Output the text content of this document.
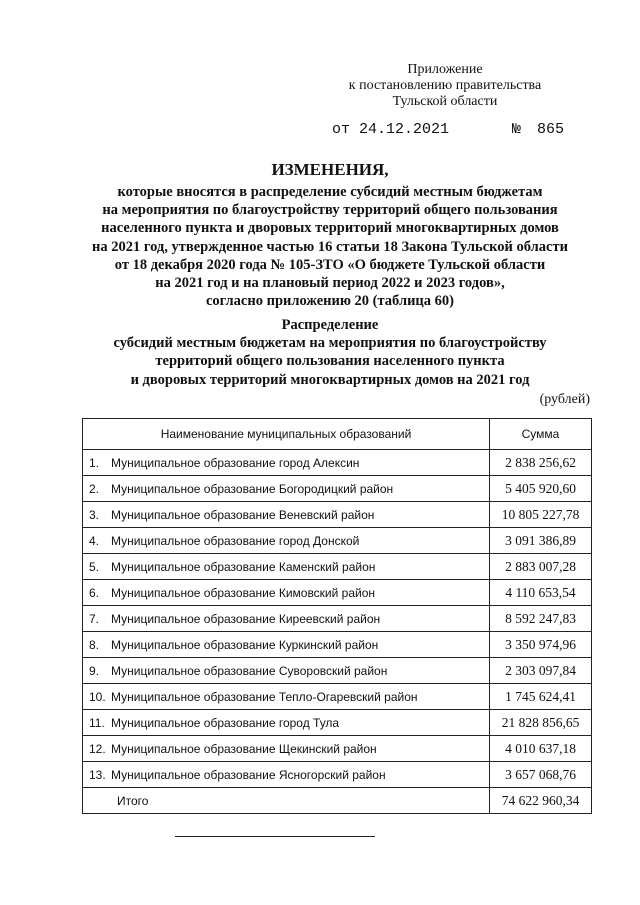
Приложение
к постановлению правительства
Тульской области
от 24.12.2021	№ 865
ИЗМЕНЕНИЯ,
которые вносятся в распределение субсидий местным бюджетам
на мероприятия по благоустройству территорий общего пользования
населенного пункта и дворовых территорий многоквартирных домов
на 2021 год, утвержденное частью 16 статьи 18 Закона Тульской области
от 18 декабря 2020 года № 105-ЗТО «О бюджете Тульской области
на 2021 год и на плановый период 2022 и 2023 годов»,
согласно приложению 20 (таблица 60)
Распределение
субсидий местным бюджетам на мероприятия по благоустройству
территорий общего пользования населенного пункта
и дворовых территорий многоквартирных домов на 2021 год
(рублей)
Наименование муниципальных образований	Сумма
1. Муниципальное образование город Алексин	2 838 256,62
2. Муниципальное образование Богородицкий район	5 405 920,60
3. Муниципальное образование Веневский район	10 805 227,78
4. Муниципальное образование город Донской	3 091 386,89
5. Муниципальное образование Каменский район	2 883 007,28
6. Муниципальное образование Кимовский район	4 110 653,54
7. Муниципальное образование Киреевский район	8 592 247,83
8. Муниципальное образование Куркинский район	3 350 974,96
9. Муниципальное образование Суворовский район	2 303 097,84
10. Муниципальное образование Тепло-Огаревский район	1 745 624,41
11. Муниципальное образование город Тула	21 828 856,65
12. Муниципальное образование Щекинский район	4 010 637,18
13. Муниципальное образование Ясногорский район	3 657 068,76
Итого	74 622 960,34
